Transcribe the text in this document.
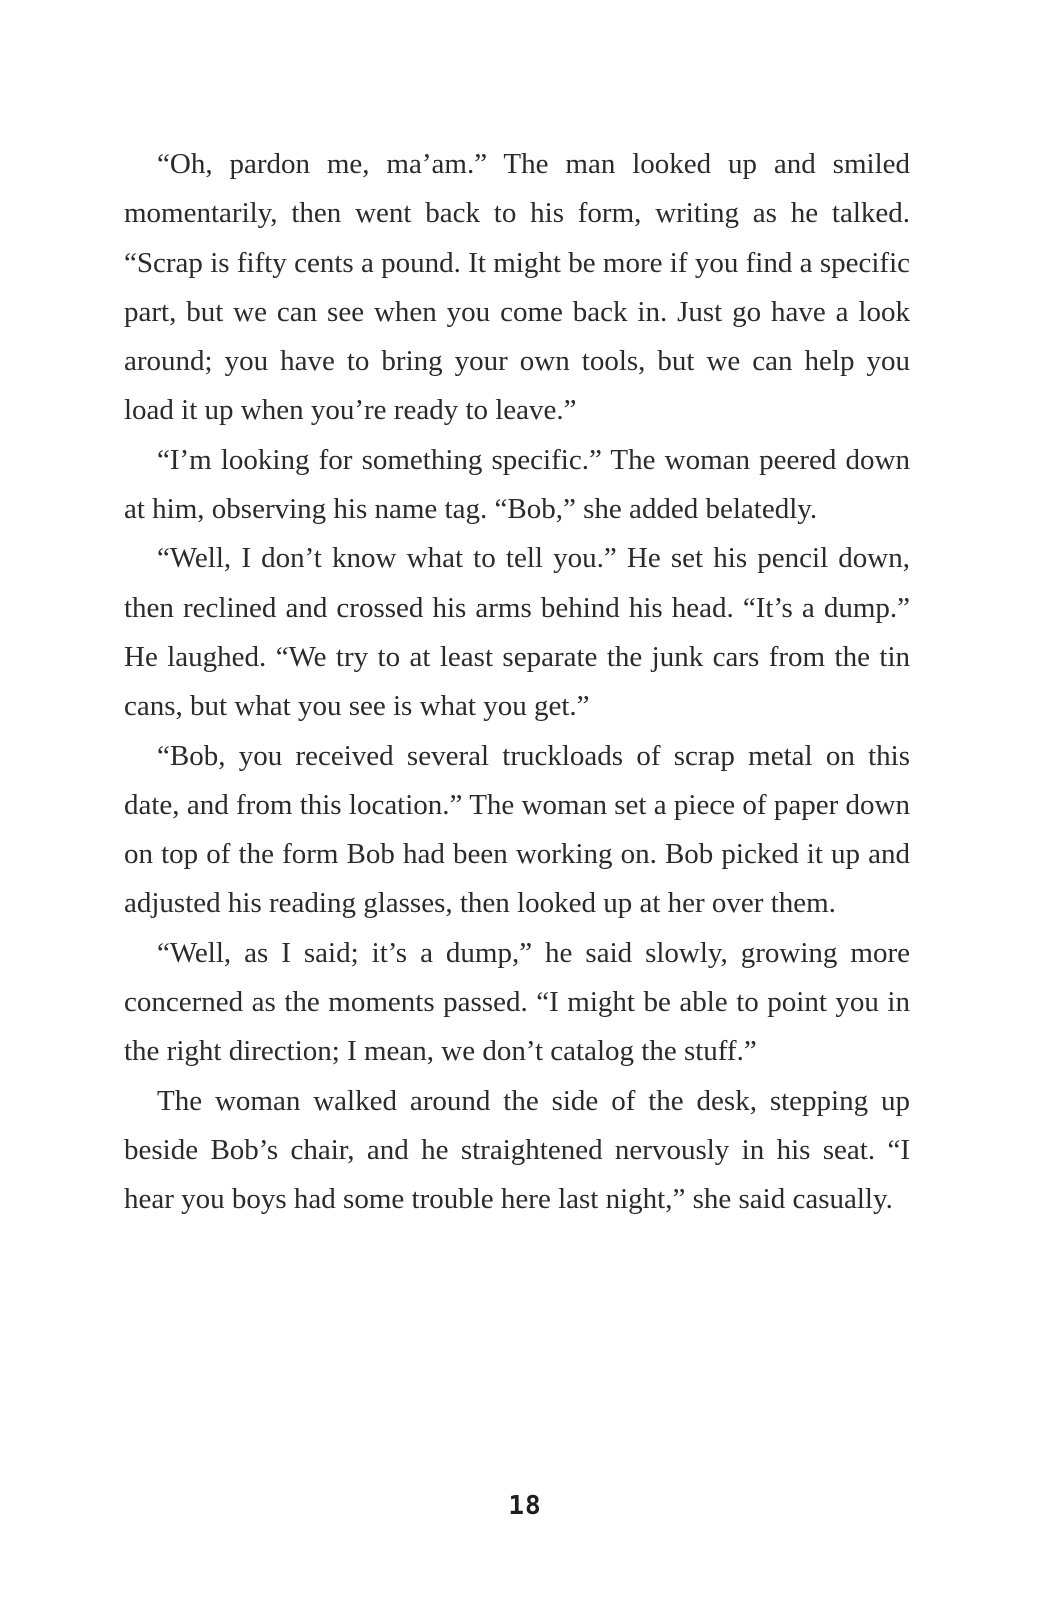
“Oh, pardon me, ma’am.” The man looked up and smiled momentarily, then went back to his form, writing as he talked. “Scrap is fifty cents a pound. It might be more if you find a specific part, but we can see when you come back in. Just go have a look around; you have to bring your own tools, but we can help you load it up when you’re ready to leave.”

“I’m looking for something specific.” The woman peered down at him, observing his name tag. “Bob,” she added belatedly.

“Well, I don’t know what to tell you.” He set his pencil down, then reclined and crossed his arms behind his head. “It’s a dump.” He laughed. “We try to at least separate the junk cars from the tin cans, but what you see is what you get.”

“Bob, you received several truckloads of scrap metal on this date, and from this location.” The woman set a piece of paper down on top of the form Bob had been working on. Bob picked it up and adjusted his reading glasses, then looked up at her over them.

“Well, as I said; it’s a dump,” he said slowly, growing more concerned as the moments passed. “I might be able to point you in the right direction; I mean, we don’t catalog the stuff.”

The woman walked around the side of the desk, stepping up beside Bob’s chair, and he straightened nervously in his seat. “I hear you boys had some trouble here last night,” she said casually.

18
